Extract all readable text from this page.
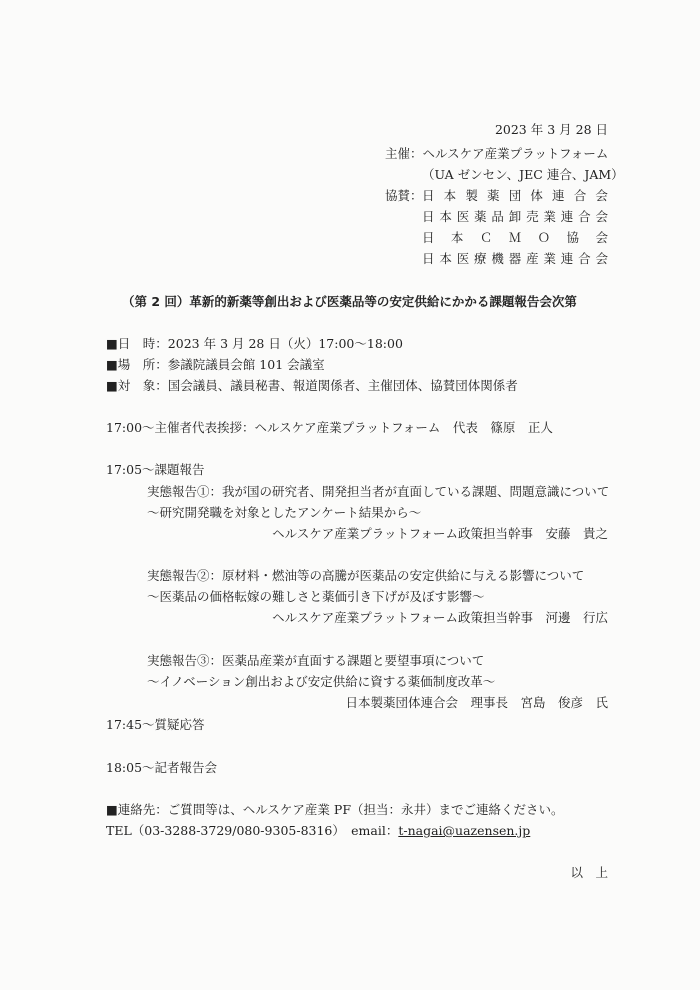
2023 年 3 月 28 日
主催：ヘルスケア産業プラットフォーム
（UA ゼンセン、JEC 連合、JAM）
協賛： 日 本 製 薬 団 体 連 合 会
日 本 医 薬 品 卸 売 業 連 合 会
日 本 Ｃ Ｍ Ｏ 協 会
日 本 医 療 機 器 産 業 連 合 会
（第 2 回）革新的新薬等創出および医薬品等の安定供給にかかる課題報告会次第
■日　時：2023 年 3 月 28 日（火）17:00〜18:00
■場　所：参議院議員会館 101 会議室
■対　象：国会議員、議員秘書、報道関係者、主催団体、協賛団体関係者
17:00〜主催者代表挨拶：ヘルスケア産業プラットフォーム　代表　篠原　正人
17:05〜課題報告
実態報告①：我が国の研究者、開発担当者が直面している課題、問題意識について
〜研究開発職を対象としたアンケート結果から〜
ヘルスケア産業プラットフォーム政策担当幹事　安藤　貴之
実態報告②：原材料・燃油等の高騰が医薬品の安定供給に与える影響について
〜医薬品の価格転嫁の難しさと薬価引き下げが及ぼす影響〜
ヘルスケア産業プラットフォーム政策担当幹事　河邊　行広
実態報告③：医薬品産業が直面する課題と要望事項について
〜イノベーション創出および安定供給に資する薬価制度改革〜
日本製薬団体連合会　理事長　宮島　俊彦　氏
17:45〜質疑応答
18:05〜記者報告会
■連絡先：ご質問等は、ヘルスケア産業 PF（担当：永井）までご連絡ください。
TEL（03-3288-3729/080-9305-8316）　email：t-nagai@uazensen.jp
以　上
